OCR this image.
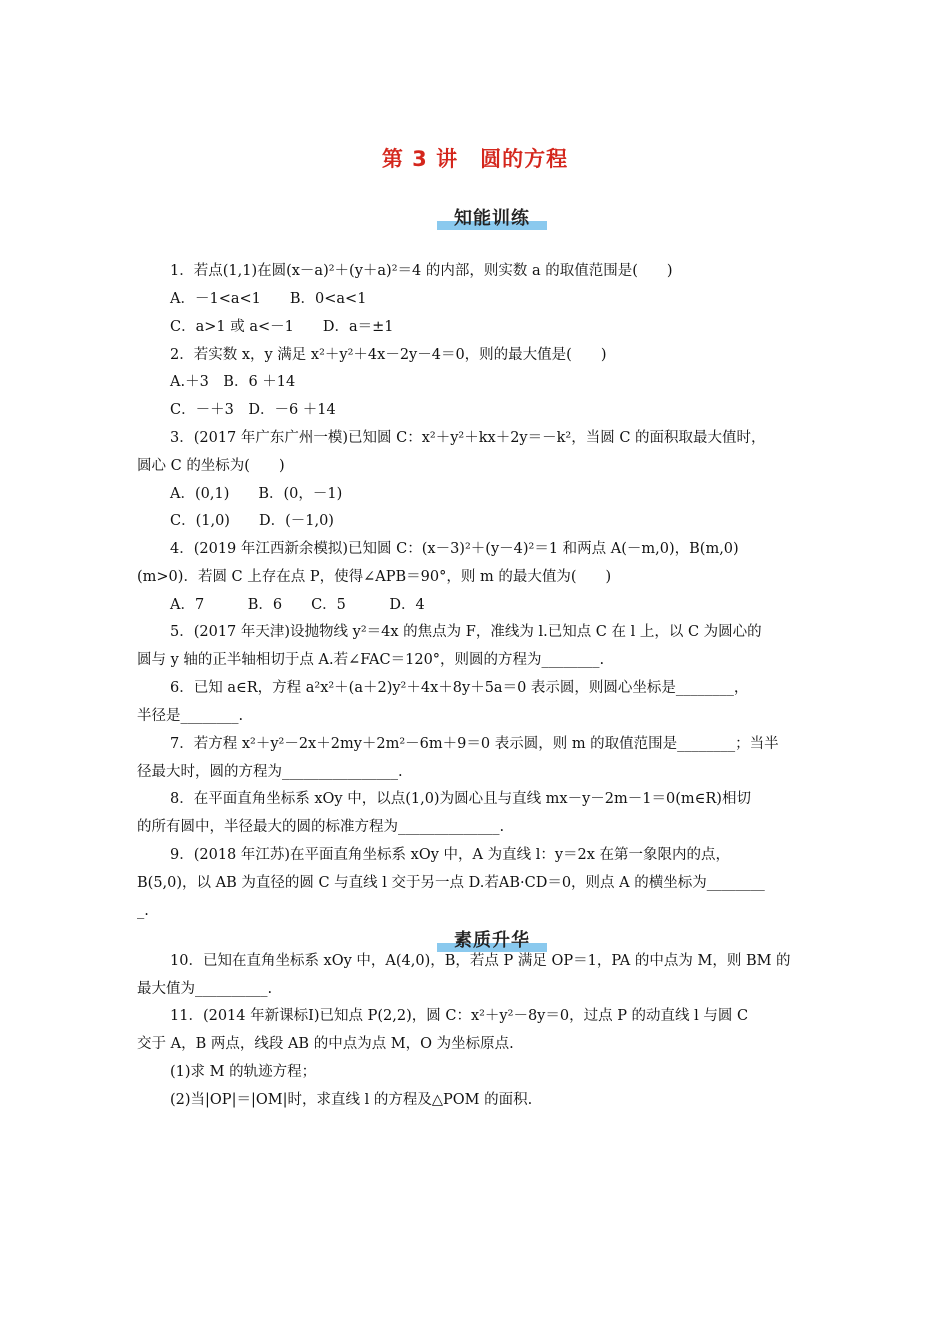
第 3 讲　圆的方程
知能训练
1．若点(1,1)在圆(x－a)²＋(y＋a)²＝4 的内部，则实数 a 的取值范围是(　　)
A．－1<a<1　　B．0<a<1
C．a>1 或 a<－1　　D．a＝±1
2．若实数 x，y 满足 x²＋y²＋4x－2y－4＝0，则的最大值是(　　)
A.＋3　B．6 ＋14
C．－＋3　D．－6 ＋14
3．(2017 年广东广州一模)已知圆 C：x²＋y²＋kx＋2y＝－k²，当圆 C 的面积取最大值时，
圆心 C 的坐标为(　　)
A．(0,1)　　B．(0，－1)
C．(1,0)　　D．(－1,0)
4．(2019 年江西新余模拟)已知圆 C：(x－3)²＋(y－4)²＝1 和两点 A(－m,0)，B(m,0)
(m>0)．若圆 C 上存在点 P，使得∠APB＝90°，则 m 的最大值为(　　)
A．7　　　B．6　　C．5　　　D．4
5．(2017 年天津)设抛物线 y²＝4x 的焦点为 F，准线为 l.已知点 C 在 l 上，以 C 为圆心的
圆与 y 轴的正半轴相切于点 A.若∠FAC＝120°，则圆的方程为________.
6．已知 a∈R，方程 a²x²＋(a＋2)y²＋4x＋8y＋5a＝0 表示圆，则圆心坐标是________，
半径是________.
7．若方程 x²＋y²－2x＋2my＋2m²－6m＋9＝0 表示圆，则 m 的取值范围是________；当半
径最大时，圆的方程为________________.
8．在平面直角坐标系 xOy 中，以点(1,0)为圆心且与直线 mx－y－2m－1＝0(m∈R)相切
的所有圆中，半径最大的圆的标准方程为______________.
9．(2018 年江苏)在平面直角坐标系 xOy 中，A 为直线 l：y＝2x 在第一象限内的点，
B(5,0)，以 AB 为直径的圆 C 与直线 l 交于另一点 D.若AB·CD＝0，则点 A 的横坐标为________
_.
素质升华
10．已知在直角坐标系 xOy 中，A(4,0)，B，若点 P 满足 OP＝1，PA 的中点为 M，则 BM 的
最大值为__________.
11．(2014 年新课标Ⅰ)已知点 P(2,2)，圆 C：x²＋y²－8y＝0，过点 P 的动直线 l 与圆 C
交于 A，B 两点，线段 AB 的中点为点 M，O 为坐标原点.
(1)求 M 的轨迹方程；
(2)当|OP|＝|OM|时，求直线 l 的方程及△POM 的面积.
